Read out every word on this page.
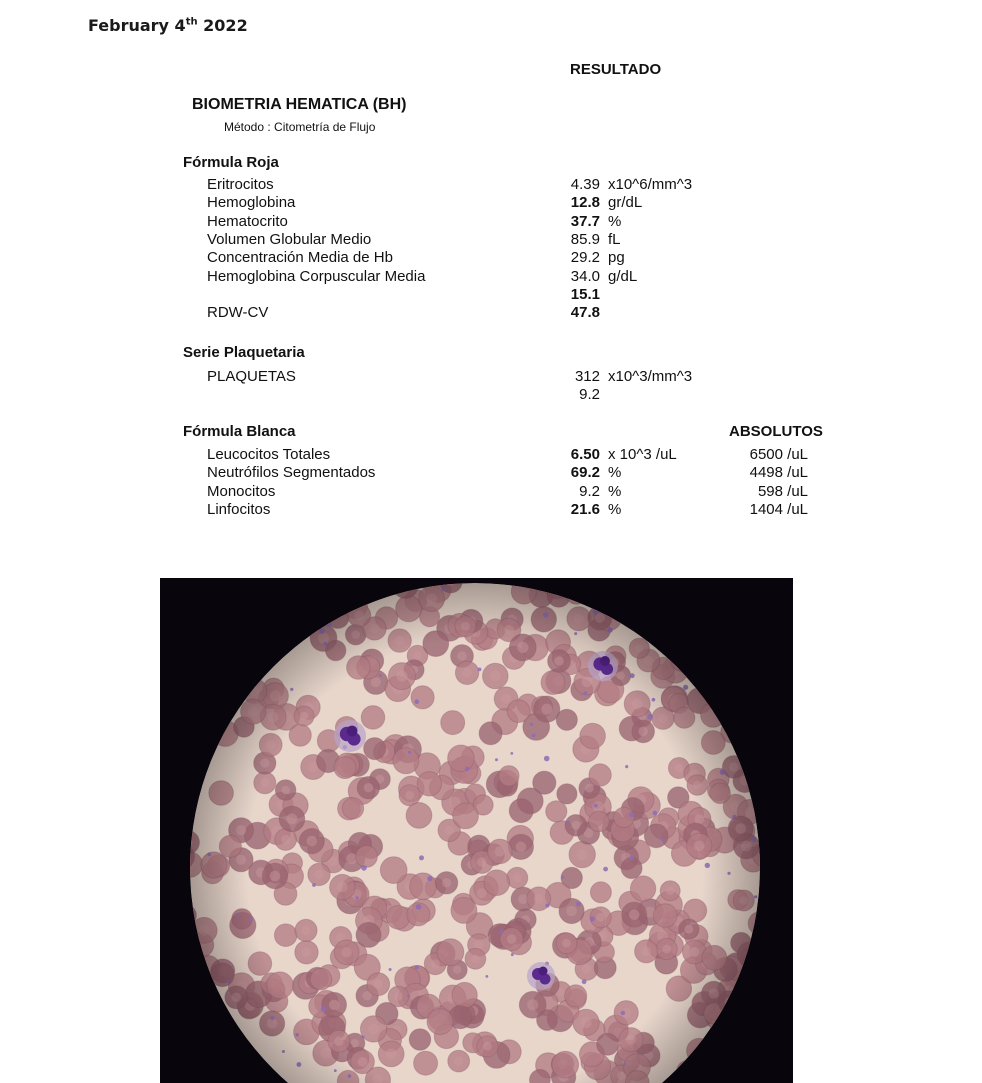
February 4th 2022
RESULTADO
BIOMETRIA HEMATICA (BH)
Método : Citometría de Flujo
Fórmula Roja
Eritrocitos	4.39 x10^6/mm^3
Hemoglobina	12.8 gr/dL
Hematocrito	37.7 %
Volumen Globular Medio	85.9 fL
Concentración Media de Hb	29.2 pg
Hemoglobina Corpuscular Media	34.0 g/dL
15.1
RDW-CV	47.8
Serie Plaquetaria
PLAQUETAS	312 x10^3/mm^3
9.2
Fórmula Blanca	ABSOLUTOS
Leucocitos Totales	6.50 x 10^3 /uL	6500 /uL
Neutrófilos Segmentados	69.2 %	4498 /uL
Monocitos	9.2 %	598 /uL
Linfocitos	21.6 %	1404 /uL
